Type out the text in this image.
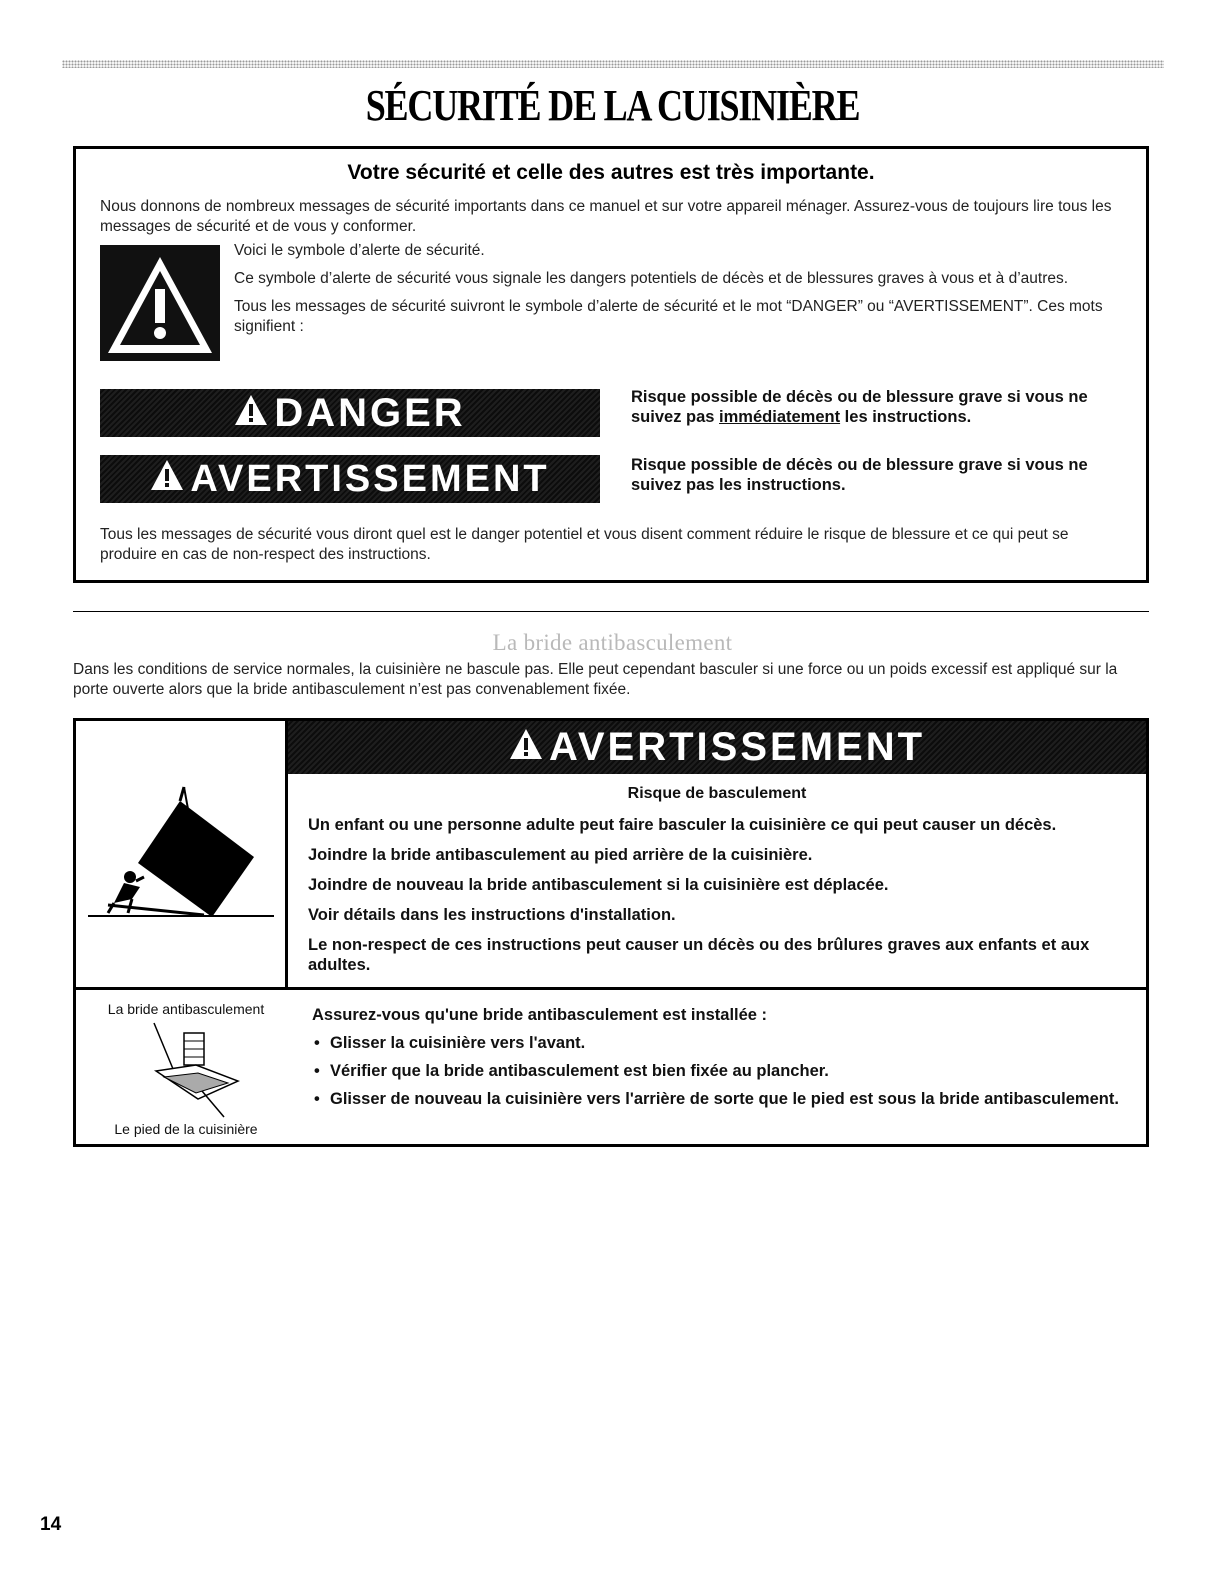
SÉCURITÉ DE LA CUISINIÈRE
Votre sécurité et celle des autres est très importante.
Nous donnons de nombreux messages de sécurité importants dans ce manuel et sur votre appareil ménager. Assurez-vous de toujours lire tous les messages de sécurité et de vous y conformer.

Voici le symbole d’alerte de sécurité.

Ce symbole d’alerte de sécurité vous signale les dangers potentiels de décès et de blessures graves à vous et à d’autres.

Tous les messages de sécurité suivront le symbole d’alerte de sécurité et le mot “DANGER” ou “AVERTISSEMENT”. Ces mots signifient :

DANGER	Risque possible de décès ou de blessure grave si vous ne suivez pas immédiatement les instructions.
AVERTISSEMENT	Risque possible de décès ou de blessure grave si vous ne suivez pas les instructions.
Tous les messages de sécurité vous diront quel est le danger potentiel et vous disent comment réduire le risque de blessure et ce qui peut se produire en cas de non-respect des instructions.
La bride antibasculement
Dans les conditions de service normales, la cuisinière ne bascule pas. Elle peut cependant basculer si une force ou un poids excessif est appliqué sur la porte ouverte alors que la bride antibasculement n’est pas convenablement fixée.
AVERTISSEMENT
Risque de basculement

Un enfant ou une personne adulte peut faire basculer la cuisinière ce qui peut causer un décès.

Joindre la bride antibasculement au pied arrière de la cuisinière.

Joindre de nouveau la bride antibasculement si la cuisinière est déplacée.

Voir détails dans les instructions d'installation.

Le non-respect de ces instructions peut causer un décès ou des brûlures graves aux enfants et aux adultes.

La bride antibasculement
Le pied de la cuisinière
Assurez-vous qu'une bride antibasculement est installée :
• Glisser la cuisinière vers l'avant.
• Vérifier que la bride antibasculement est bien fixée au plancher.
• Glisser de nouveau la cuisinière vers l'arrière de sorte que le pied est sous la bride antibasculement.
14
